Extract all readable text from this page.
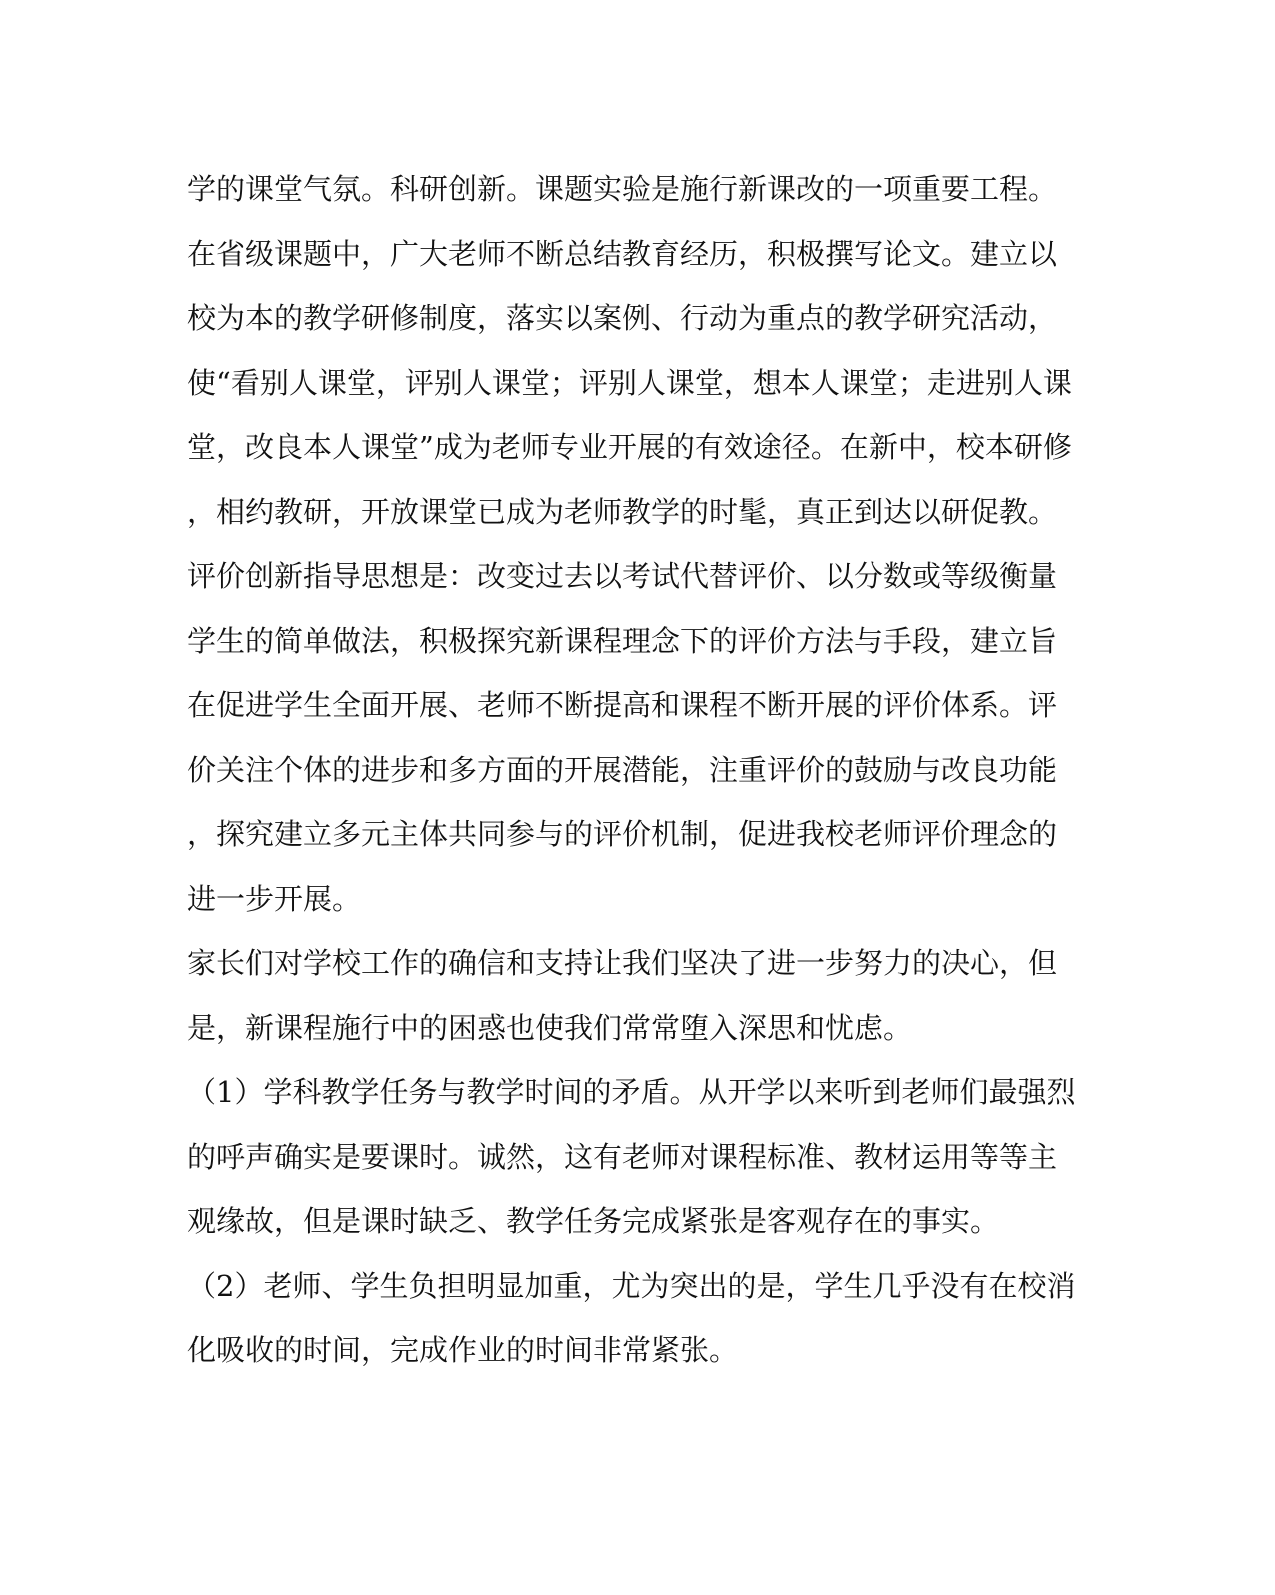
学的课堂气氛。科研创新。课题实验是施行新课改的一项重要工程。
在省级课题中，广大老师不断总结教育经历，积极撰写论文。建立以
校为本的教学研修制度，落实以案例、行动为重点的教学研究活动，
使“看别人课堂，评别人课堂；评别人课堂，想本人课堂；走进别人课
堂，改良本人课堂”成为老师专业开展的有效途径。在新中，校本研修
，相约教研，开放课堂已成为老师教学的时髦，真正到达以研促教。
评价创新指导思想是：改变过去以考试代替评价、以分数或等级衡量
学生的简单做法，积极探究新课程理念下的评价方法与手段，建立旨
在促进学生全面开展、老师不断提高和课程不断开展的评价体系。评
价关注个体的进步和多方面的开展潜能，注重评价的鼓励与改良功能
，探究建立多元主体共同参与的评价机制，促进我校老师评价理念的
进一步开展。
家长们对学校工作的确信和支持让我们坚决了进一步努力的决心，但
是，新课程施行中的困惑也使我们常常堕入深思和忧虑。
（1）学科教学任务与教学时间的矛盾。从开学以来听到老师们最强烈
的呼声确实是要课时。诚然，这有老师对课程标准、教材运用等等主
观缘故，但是课时缺乏、教学任务完成紧张是客观存在的事实。
（2）老师、学生负担明显加重，尤为突出的是，学生几乎没有在校消
化吸收的时间，完成作业的时间非常紧张。
